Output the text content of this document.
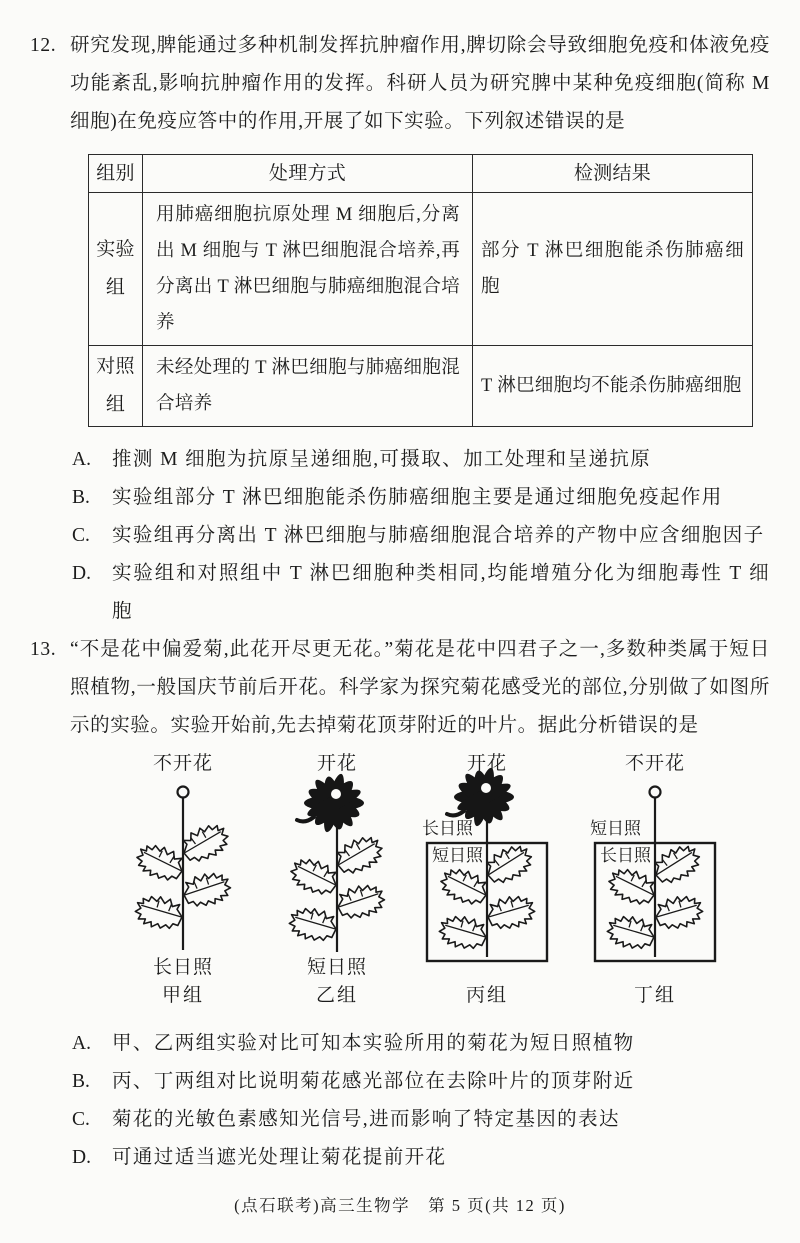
12. 研究发现,脾能通过多种机制发挥抗肿瘤作用,脾切除会导致细胞免疫和体液免疫功能紊乱,影响抗肿瘤作用的发挥。科研人员为研究脾中某种免疫细胞(简称 M 细胞)在免疫应答中的作用,开展了如下实验。下列叙述错误的是
组别	处理方式	检测结果
实验组	用肺癌细胞抗原处理 M 细胞后,分离出 M 细胞与 T 淋巴细胞混合培养,再分离出 T 淋巴细胞与肺癌细胞混合培养	部分 T 淋巴细胞能杀伤肺癌细胞
对照组	未经处理的 T 淋巴细胞与肺癌细胞混合培养	T 淋巴细胞均不能杀伤肺癌细胞
A. 推测 M 细胞为抗原呈递细胞,可摄取、加工处理和呈递抗原
B. 实验组部分 T 淋巴细胞能杀伤肺癌细胞主要是通过细胞免疫起作用
C. 实验组再分离出 T 淋巴细胞与肺癌细胞混合培养的产物中应含细胞因子
D. 实验组和对照组中 T 淋巴细胞种类相同,均能增殖分化为细胞毒性 T 细胞
13. “不是花中偏爱菊,此花开尽更无花。”菊花是花中四君子之一,多数种类属于短日照植物,一般国庆节前后开花。科学家为探究菊花感受光的部位,分别做了如图所示的实验。实验开始前,先去掉菊花顶芽附近的叶片。据此分析错误的是
不开花
长日照
甲组
开花
短日照
乙组
开花
长日照
短日照
丙组
不开花
短日照
长日照
丁组
A. 甲、乙两组实验对比可知本实验所用的菊花为短日照植物
B. 丙、丁两组对比说明菊花感光部位在去除叶片的顶芽附近
C. 菊花的光敏色素感知光信号,进而影响了特定基因的表达
D. 可通过适当遮光处理让菊花提前开花
(点石联考)高三生物学　第 5 页(共 12 页)
